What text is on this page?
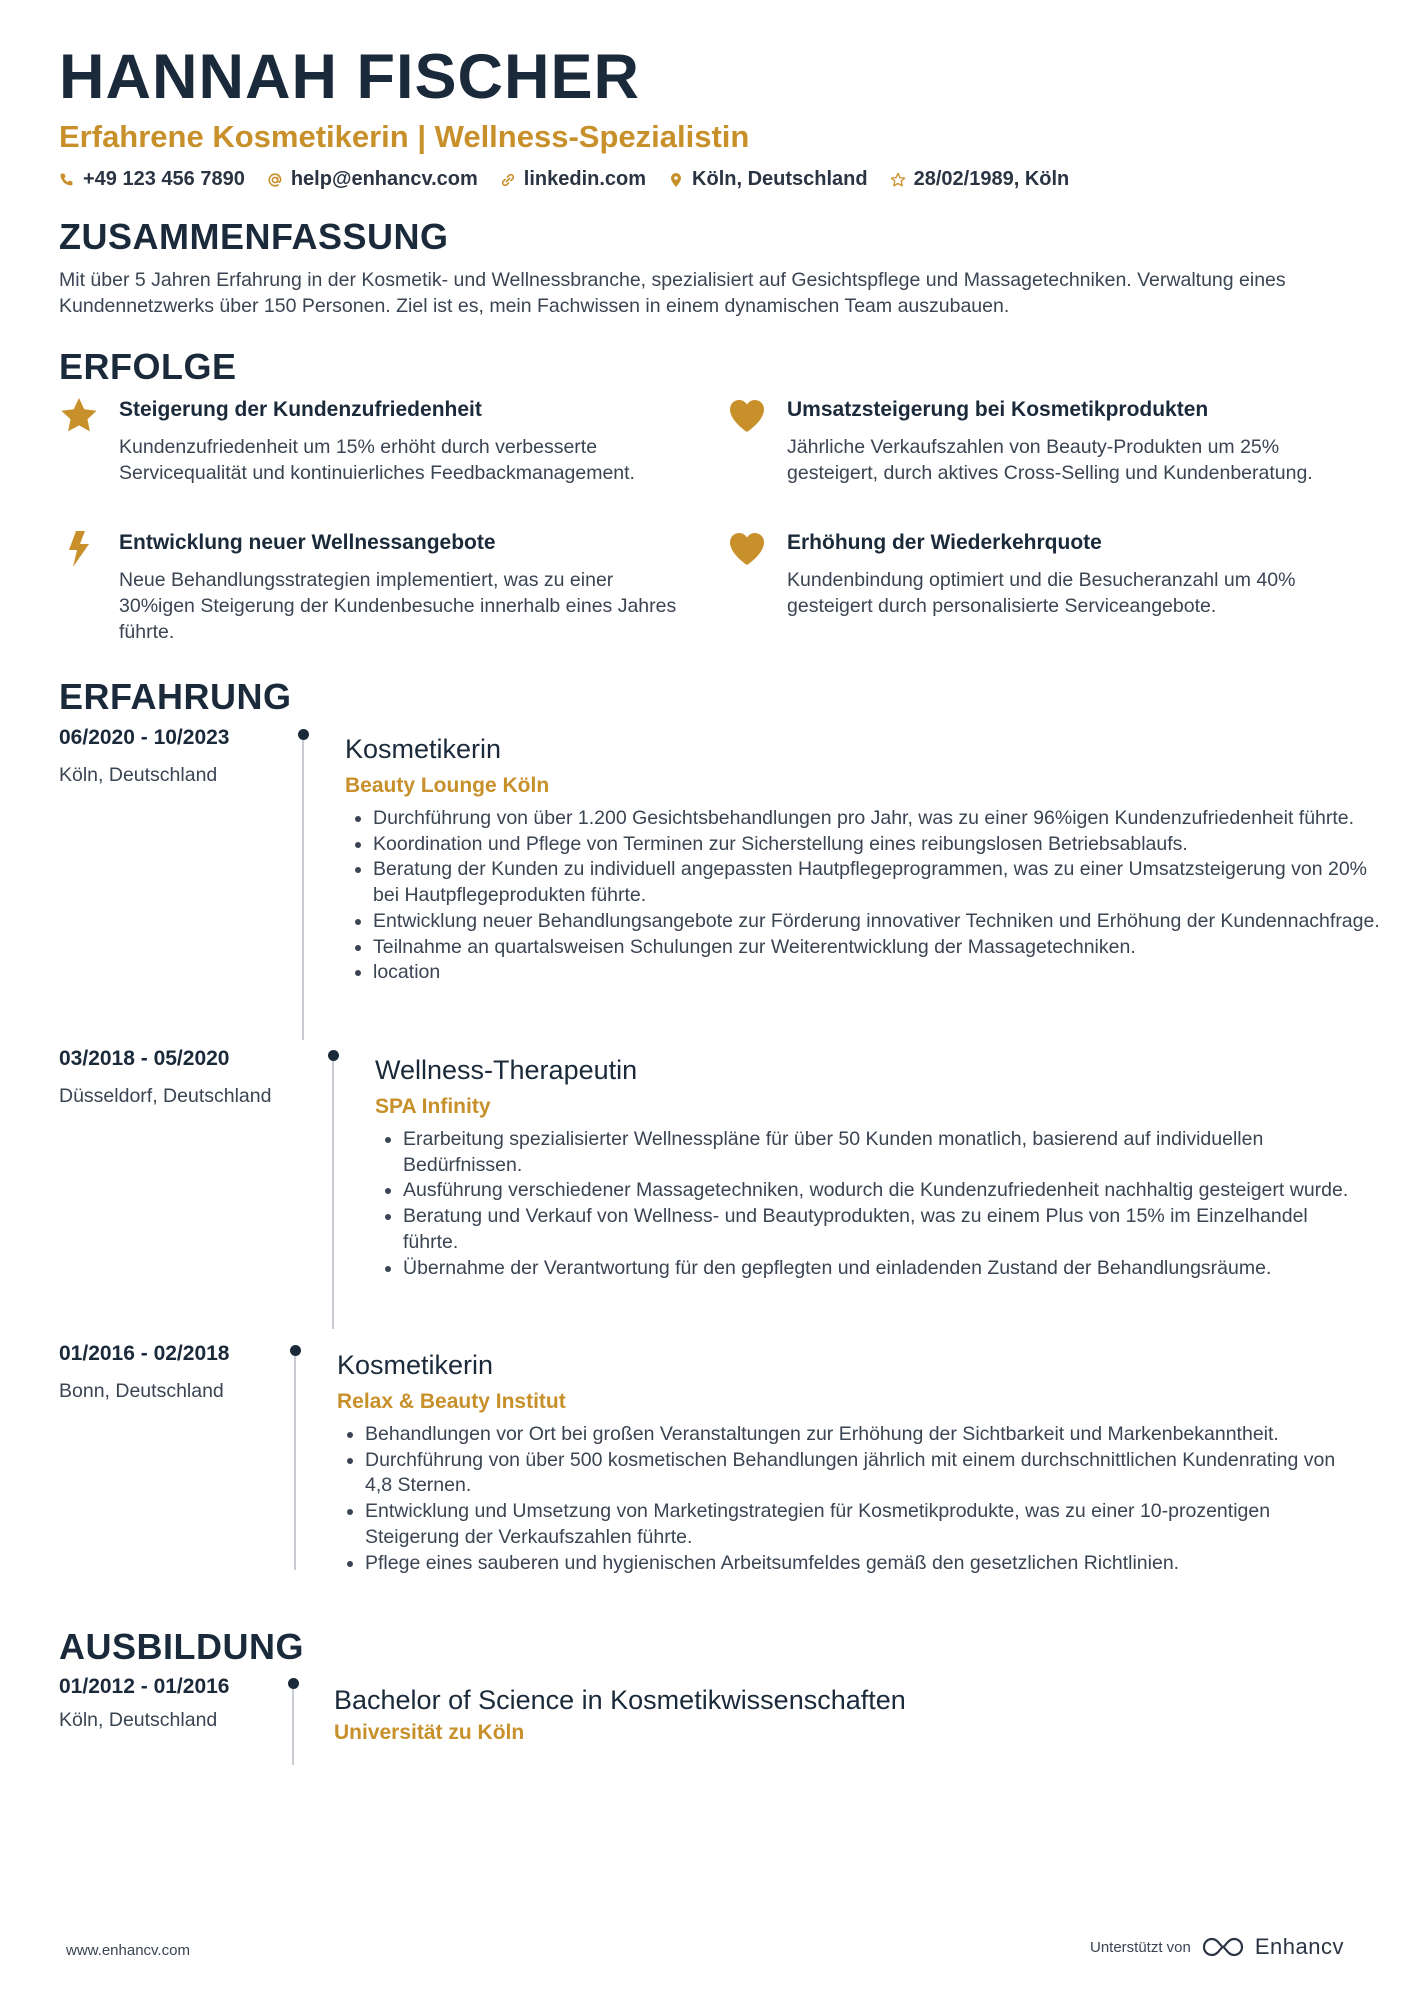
HANNAH FISCHER
Erfahrene Kosmetikerin | Wellness-Spezialistin
+49 123 456 7890 help@enhancv.com linkedin.com Köln, Deutschland 28/02/1989, Köln
ZUSAMMENFASSUNG

Mit über 5 Jahren Erfahrung in der Kosmetik- und Wellnessbranche, spezialisiert auf Gesichtspflege und Massagetechniken. Verwaltung eines Kundennetzwerks über 150 Personen. Ziel ist es, mein Fachwissen in einem dynamischen Team auszubauen.

ERFOLGE
Steigerung der Kundenzufriedenheit

Kundenzufriedenheit um 15% erhöht durch verbesserte Servicequalität und kontinuierliches Feedbackmanagement.

Umsatzsteigerung bei Kosmetikprodukten

Jährliche Verkaufszahlen von Beauty-Produkten um 25% gesteigert, durch aktives Cross-Selling und Kundenberatung.

Entwicklung neuer Wellnessangebote

Neue Behandlungsstrategien implementiert, was zu einer 30%igen Steigerung der Kundenbesuche innerhalb eines Jahres führte.

Erhöhung der Wiederkehrquote

Kundenbindung optimiert und die Besucheranzahl um 40% gesteigert durch personalisierte Serviceangebote.

ERFAHRUNG
06/2020 - 10/2023
Köln, Deutschland
Kosmetikerin
Beauty Lounge Köln
• Durchführung von über 1.200 Gesichtsbehandlungen pro Jahr, was zu einer 96%igen Kundenzufriedenheit führte.
• Koordination und Pflege von Terminen zur Sicherstellung eines reibungslosen Betriebsablaufs.
• Beratung der Kunden zu individuell angepassten Hautpflegeprogrammen, was zu einer Umsatzsteigerung von 20% bei Hautpflegeprodukten führte.
• Entwicklung neuer Behandlungsangebote zur Förderung innovativer Techniken und Erhöhung der Kundennachfrage.
• Teilnahme an quartalsweisen Schulungen zur Weiterentwicklung der Massagetechniken.
• location
03/2018 - 05/2020
Düsseldorf, Deutschland
Wellness-Therapeutin
SPA Infinity
• Erarbeitung spezialisierter Wellnesspläne für über 50 Kunden monatlich, basierend auf individuellen Bedürfnissen.
• Ausführung verschiedener Massagetechniken, wodurch die Kundenzufriedenheit nachhaltig gesteigert wurde.
• Beratung und Verkauf von Wellness- und Beautyprodukten, was zu einem Plus von 15% im Einzelhandel führte.
• Übernahme der Verantwortung für den gepflegten und einladenden Zustand der Behandlungsräume.
01/2016 - 02/2018
Bonn, Deutschland
Kosmetikerin
Relax & Beauty Institut
• Behandlungen vor Ort bei großen Veranstaltungen zur Erhöhung der Sichtbarkeit und Markenbekanntheit.
• Durchführung von über 500 kosmetischen Behandlungen jährlich mit einem durchschnittlichen Kundenrating von 4,8 Sternen.
• Entwicklung und Umsetzung von Marketingstrategien für Kosmetikprodukte, was zu einer 10-prozentigen Steigerung der Verkaufszahlen führte.
• Pflege eines sauberen und hygienischen Arbeitsumfeldes gemäß den gesetzlichen Richtlinien.
AUSBILDUNG
01/2012 - 01/2016
Köln, Deutschland
Bachelor of Science in Kosmetikwissenschaften
Universität zu Köln
www.enhancv.com	Unterstützt von	Enhancv
